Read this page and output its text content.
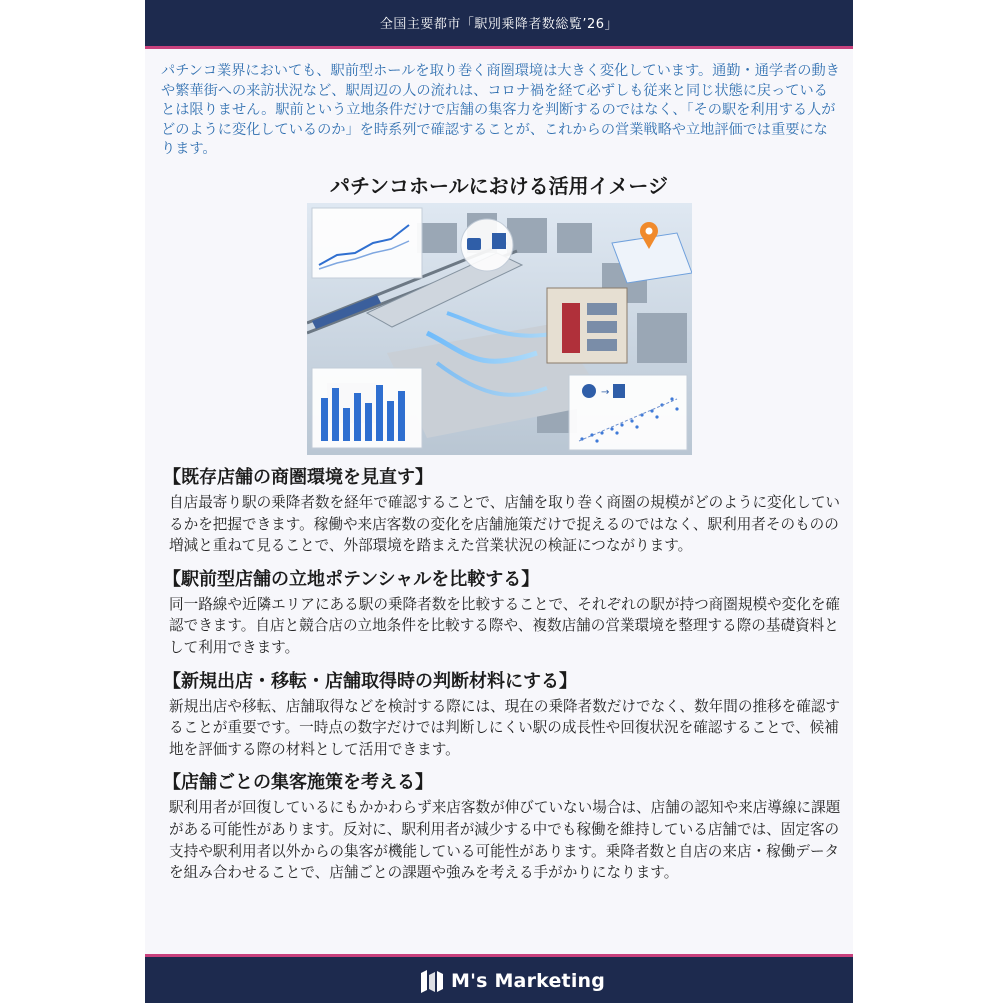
全国主要都市「駅別乗降者数総覧’26」
パチンコ業界においても、駅前型ホールを取り巻く商圏環境は大きく変化しています。通勤・通学者の動きや繁華街への来訪状況など、駅周辺の人の流れは、コロナ禍を経て必ずしも従来と同じ状態に戻っているとは限りません。駅前という立地条件だけで店舗の集客力を判断するのではなく、「その駅を利用する人がどのように変化しているのか」を時系列で確認することが、これからの営業戦略や立地評価では重要になります。
パチンコホールにおける活用イメージ
→
【既存店舗の商圏環境を見直す】

自店最寄り駅の乗降者数を経年で確認することで、店舗を取り巻く商圏の規模がどのように変化しているかを把握できます。稼働や来店客数の変化を店舗施策だけで捉えるのではなく、駅利用者そのものの増減と重ねて見ることで、外部環境を踏まえた営業状況の検証につながります。

【駅前型店舗の立地ポテンシャルを比較する】

同一路線や近隣エリアにある駅の乗降者数を比較することで、それぞれの駅が持つ商圏規模や変化を確認できます。自店と競合店の立地条件を比較する際や、複数店舗の営業環境を整理する際の基礎資料として利用できます。

【新規出店・移転・店舗取得時の判断材料にする】

新規出店や移転、店舗取得などを検討する際には、現在の乗降者数だけでなく、数年間の推移を確認することが重要です。一時点の数字だけでは判断しにくい駅の成長性や回復状況を確認することで、候補地を評価する際の材料として活用できます。

【店舗ごとの集客施策を考える】

駅利用者が回復しているにもかかわらず来店客数が伸びていない場合は、店舗の認知や来店導線に課題がある可能性があります。反対に、駅利用者が減少する中でも稼働を維持している店舗では、固定客の支持や駅利用者以外からの集客が機能している可能性があります。乗降者数と自店の来店・稼働データを組み合わせることで、店舗ごとの課題や強みを考える手がかりになります。

M's Marketing
